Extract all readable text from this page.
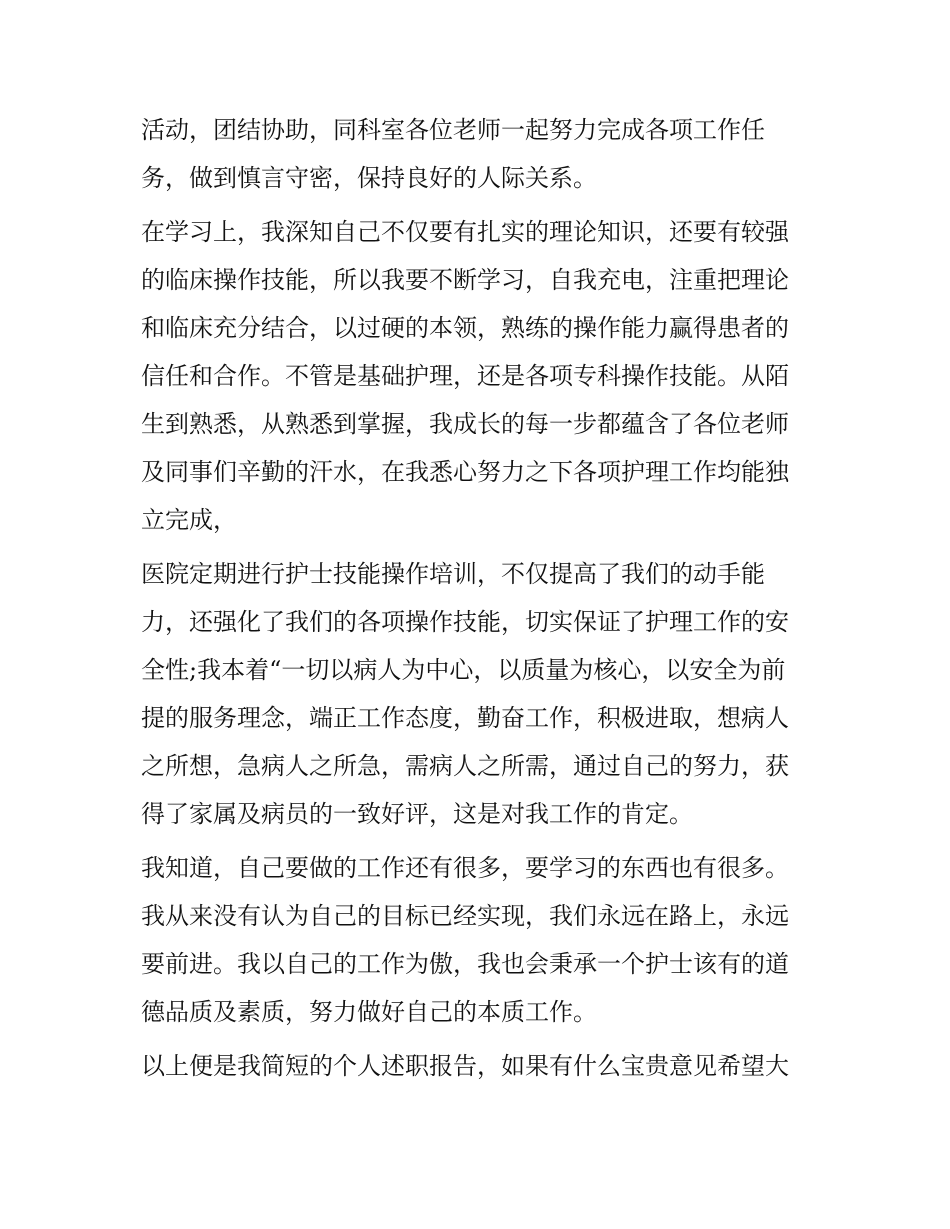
活动，团结协助，同科室各位老师一起努力完成各项工作任
务，做到慎言守密，保持良好的人际关系。
在学习上，我深知自己不仅要有扎实的理论知识，还要有较强
的临床操作技能，所以我要不断学习，自我充电，注重把理论
和临床充分结合，以过硬的本领，熟练的操作能力赢得患者的
信任和合作。不管是基础护理，还是各项专科操作技能。从陌
生到熟悉，从熟悉到掌握，我成长的每一步都蕴含了各位老师
及同事们辛勤的汗水，在我悉心努力之下各项护理工作均能独
立完成，
医院定期进行护士技能操作培训，不仅提高了我们的动手能
力，还强化了我们的各项操作技能，切实保证了护理工作的安
全性;我本着“一切以病人为中心，以质量为核心，以安全为前
提的服务理念，端正工作态度，勤奋工作，积极进取，想病人
之所想，急病人之所急，需病人之所需，通过自己的努力，获
得了家属及病员的一致好评，这是对我工作的肯定。
我知道，自己要做的工作还有很多，要学习的东西也有很多。
我从来没有认为自己的目标已经实现，我们永远在路上，永远
要前进。我以自己的工作为傲，我也会秉承一个护士该有的道
德品质及素质，努力做好自己的本质工作。
以上便是我简短的个人述职报告，如果有什么宝贵意见希望大
